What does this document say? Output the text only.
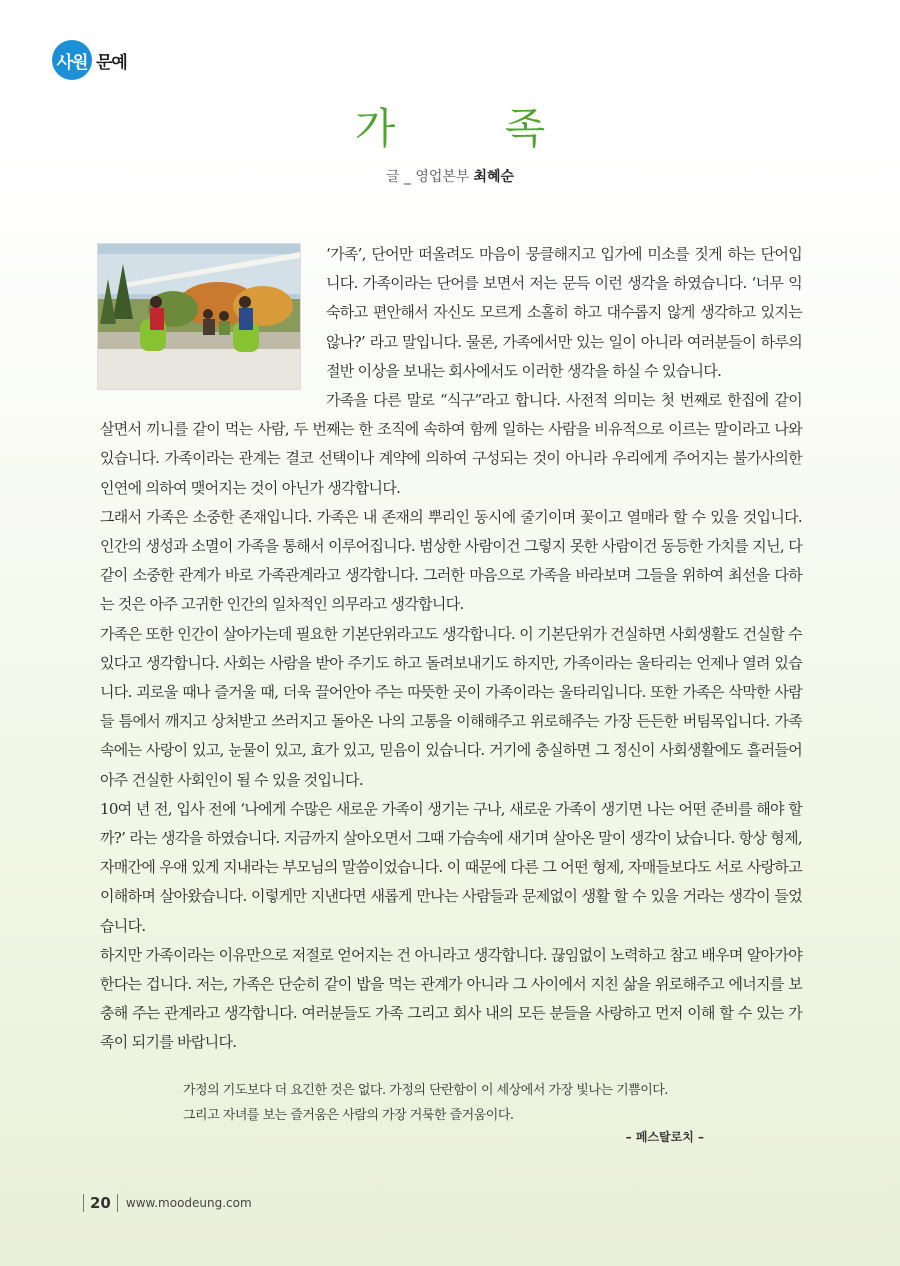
사원 문예
가 족
글 _ 영업본부 최혜순

‘가족’, 단어만 떠올려도 마음이 뭉클해지고 입가에 미소를 짓게 하는 단어입니다. 가족이라는 단어를 보면서 저는 문득 이런 생각을 하였습니다. ‘너무 익숙하고 편안해서 자신도 모르게 소홀히 하고 대수롭지 않게 생각하고 있지는 않나?’ 라고 말입니다. 물론, 가족에서만 있는 일이 아니라 여러분들이 하루의 절반 이상을 보내는 회사에서도 이러한 생각을 하실 수 있습니다.

가족을 다른 말로 “식구”라고 합니다. 사전적 의미는 첫 번째로 한집에 같이 살면서 끼니를 같이 먹는 사람, 두 번째는 한 조직에 속하여 함께 일하는 사람을 비유적으로 이르는 말이라고 나와 있습니다. 가족이라는 관계는 결코 선택이나 계약에 의하여 구성되는 것이 아니라 우리에게 주어지는 불가사의한 인연에 의하여 맺어지는 것이 아닌가 생각합니다.

그래서 가족은 소중한 존재입니다. 가족은 내 존재의 뿌리인 동시에 줄기이며 꽃이고 열매라 할 수 있을 것입니다. 인간의 생성과 소멸이 가족을 통해서 이루어집니다. 범상한 사람이건 그렇지 못한 사람이건 동등한 가치를 지닌, 다 같이 소중한 관계가 바로 가족관계라고 생각합니다. 그러한 마음으로 가족을 바라보며 그들을 위하여 최선을 다하는 것은 아주 고귀한 인간의 일차적인 의무라고 생각합니다.

가족은 또한 인간이 살아가는데 필요한 기본단위라고도 생각합니다. 이 기본단위가 건실하면 사회생활도 건실할 수 있다고 생각합니다. 사회는 사람을 받아 주기도 하고 돌려보내기도 하지만, 가족이라는 울타리는 언제나 열려 있습니다. 괴로울 때나 즐거울 때, 더욱 끌어안아 주는 따뜻한 곳이 가족이라는 울타리입니다. 또한 가족은 삭막한 사람들 틈에서 깨지고 상처받고 쓰러지고 돌아온 나의 고통을 이해해주고 위로해주는 가장 든든한 버팀목입니다. 가족 속에는 사랑이 있고, 눈물이 있고, 효가 있고, 믿음이 있습니다. 거기에 충실하면 그 정신이 사회생활에도 흘러들어 아주 건실한 사회인이 될 수 있을 것입니다.

10여 년 전, 입사 전에 ‘나에게 수많은 새로운 가족이 생기는 구나, 새로운 가족이 생기면 나는 어떤 준비를 해야 할까?’ 라는 생각을 하였습니다. 지금까지 살아오면서 그때 가슴속에 새기며 살아온 말이 생각이 났습니다. 항상 형제, 자매간에 우애 있게 지내라는 부모님의 말씀이었습니다. 이 때문에 다른 그 어떤 형제, 자매들보다도 서로 사랑하고 이해하며 살아왔습니다. 이렇게만 지낸다면 새롭게 만나는 사람들과 문제없이 생활 할 수 있을 거라는 생각이 들었습니다.

하지만 가족이라는 이유만으로 저절로 얻어지는 건 아니라고 생각합니다. 끊임없이 노력하고 참고 배우며 알아가야 한다는 겁니다. 저는, 가족은 단순히 같이 밥을 먹는 관계가 아니라 그 사이에서 지친 삶을 위로해주고 에너지를 보충해 주는 관계라고 생각합니다. 여러분들도 가족 그리고 회사 내의 모든 분들을 사랑하고 먼저 이해 할 수 있는 가족이 되기를 바랍니다.

가정의 기도보다 더 요긴한 것은 없다. 가정의 단란함이 이 세상에서 가장 빛나는 기쁨이다.
그리고 자녀를 보는 즐거움은 사람의 가장 거룩한 즐거움이다.
– 페스탈로치 –
20 www.moodeung.com
